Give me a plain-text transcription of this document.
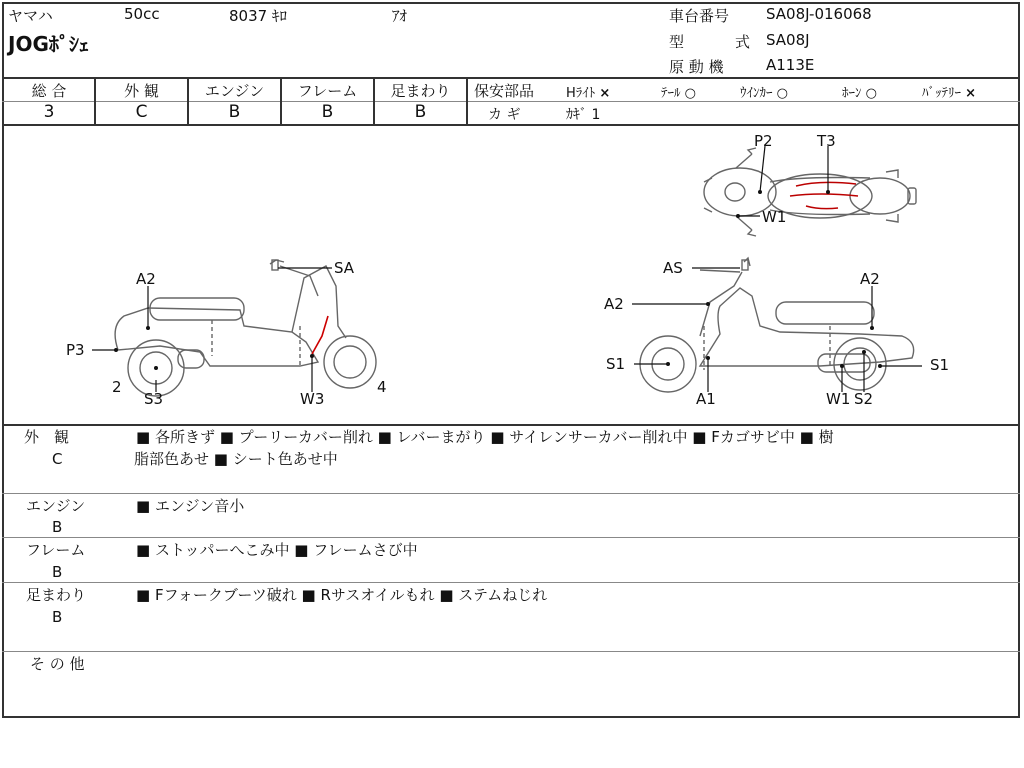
ヤマハ	50cc	8037 ｷﾛ	ｱｵ
JOGﾎﾟｼｪ
車台番号 SA08J-016068
型	式 SA08J
原 動 機	A113E
総 合	外 観	エンジン	フレーム	足まわり
3	C	B	B	B
保安部品 Hﾗｲﾄ ×	ﾃｰﾙ ○	ｳｲﾝｶｰ ○	ﾎｰﾝ ○	ﾊﾞｯﾃﾘｰ ×
カ ギ	ｶｷﾞ 1
P2	T3
W1
SA
A2
P3
2
S3	W3
4
AS
A2
A2
S1
A1	W1 S2
S1
外　観
C
■ 各所きず ■ プーリーカバー削れ ■ レバーまがり ■ サイレンサーカバー削れ中 ■ Fカゴサビ中 ■ 樹
脂部色あせ ■ シート色あせ中
エンジン
B
■ エンジン音小
フレーム
B
■ ストッパーへこみ中 ■ フレームさび中
足まわり
B
■ Fフォークブーツ破れ ■ Rサスオイルもれ ■ ステムねじれ
そ の 他
